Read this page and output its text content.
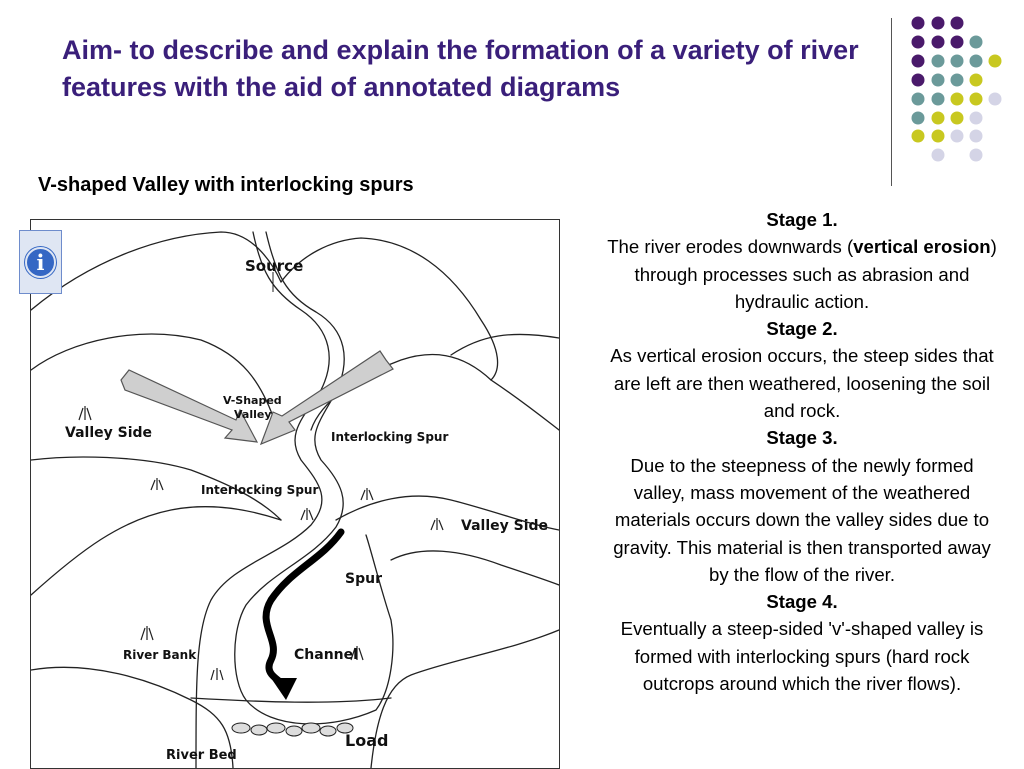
Aim- to describe and explain the formation of a variety of river features with the aid of annotated diagrams
V-shaped Valley with interlocking spurs
Source
V-Shaped
Valley
Valley Side	Interlocking Spur
Interlocking Spur
Valley Side
Spur
River Bank	Channel
Load
River Bed
i

Stage 1.

The river erodes downwards (vertical erosion) through processes such as abrasion and hydraulic action.

Stage 2.

As vertical erosion occurs, the steep sides that are left are then weathered, loosening the soil and rock.

Stage 3.

Due to the steepness of the newly formed valley, mass movement of the weathered materials occurs down the valley sides due to gravity. This material is then transported away by the flow of the river.

Stage 4.

Eventually a steep-sided 'v'-shaped valley is formed with interlocking spurs (hard rock outcrops around which the river flows).
